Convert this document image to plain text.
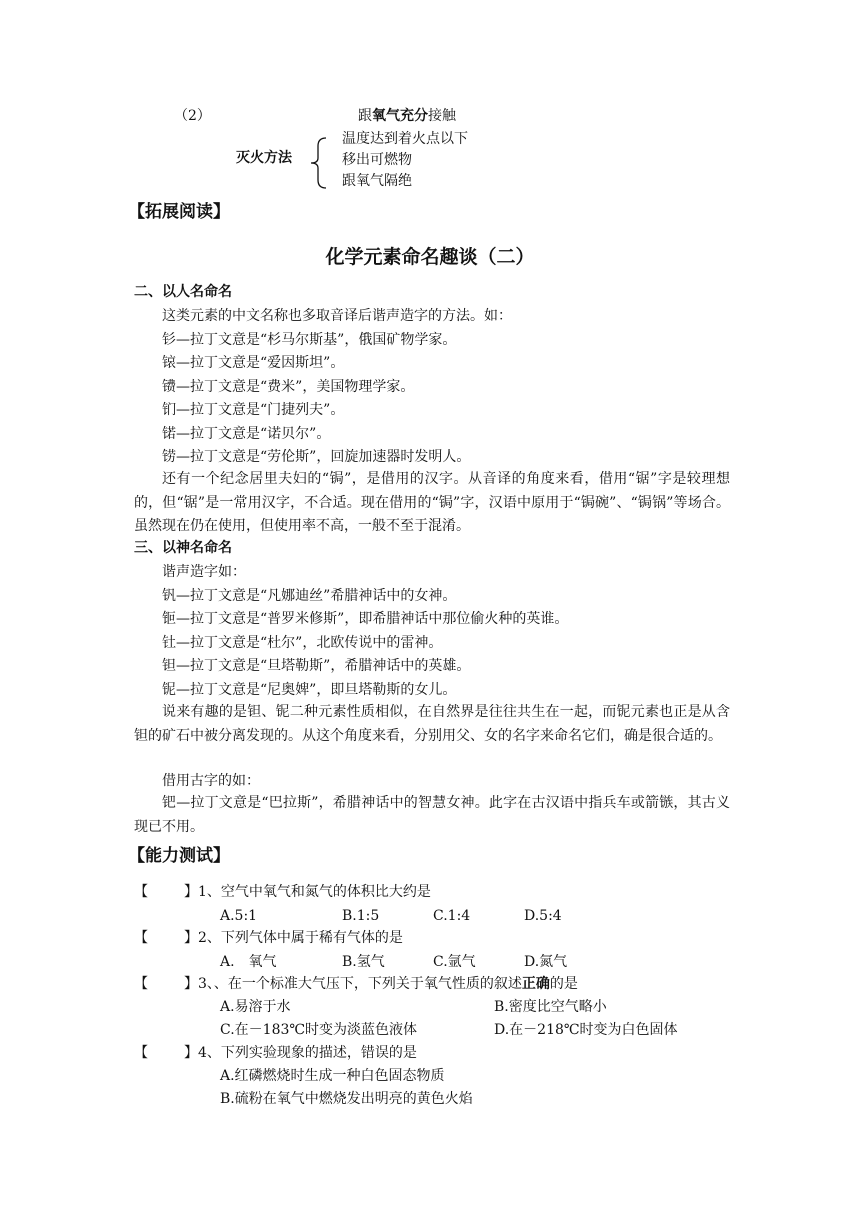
（2）	跟氧气充分接触
灭火方法
温度达到着火点以下
移出可燃物
跟氧气隔绝
【拓展阅读】
化学元素命名趣谈（二）
二、以人名命名
这类元素的中文名称也多取音译后谐声造字的方法。如：
钐—拉丁文意是“杉马尔斯基”，俄国矿物学家。
锿—拉丁文意是“爱因斯坦”。
镄—拉丁文意是“费米”，美国物理学家。
钔—拉丁文意是“门捷列夫”。
锘—拉丁文意是“诺贝尔”。
铹—拉丁文意是“劳伦斯”，回旋加速器时发明人。
还有一个纪念居里夫妇的“锔”，是借用的汉字。从音译的角度来看，借用“锯”字是较理想的，但“锯”是一常用汉字，不合适。现在借用的“锔”字，汉语中原用于“锔碗”、“锔锅”等场合。虽然现在仍在使用，但使用率不高，一般不至于混淆。
三、以神名命名
谐声造字如：
钒—拉丁文意是“凡娜迪丝”希腊神话中的女神。
钷—拉丁文意是“普罗米修斯”，即希腊神话中那位偷火种的英谁。
钍—拉丁文意是“杜尔”，北欧传说中的雷神。
钽—拉丁文意是“旦塔勒斯”，希腊神话中的英雄。
铌—拉丁文意是“尼奥婢”，即旦塔勒斯的女儿。
说来有趣的是钽、铌二种元素性质相似，在自然界是往往共生在一起，而铌元素也正是从含钽的矿石中被分离发现的。从这个角度来看，分别用父、女的名字来命名它们，确是很合适的。
借用古字的如：
钯—拉丁文意是“巴拉斯”，希腊神话中的智慧女神。此字在古汉语中指兵车或箭镞，其古义现已不用。
【能力测试】
【	】1、空气中氧气和氮气的体积比大约是
A.5:1	B.1:5	C.1:4	D.5:4
【	】2、下列气体中属于稀有气体的是
A.　氧气	B.氢气	C.氩气	D.氮气
【	】3、、在一个标准大气压下，下列关于氧气性质的叙述正确的是
A.易溶于水	B.密度比空气略小
C.在－183℃时变为淡蓝色液体	D.在－218℃时变为白色固体
【	】4、下列实验现象的描述，错误的是
A.红磷燃烧时生成一种白色固态物质
B.硫粉在氧气中燃烧发出明亮的黄色火焰
